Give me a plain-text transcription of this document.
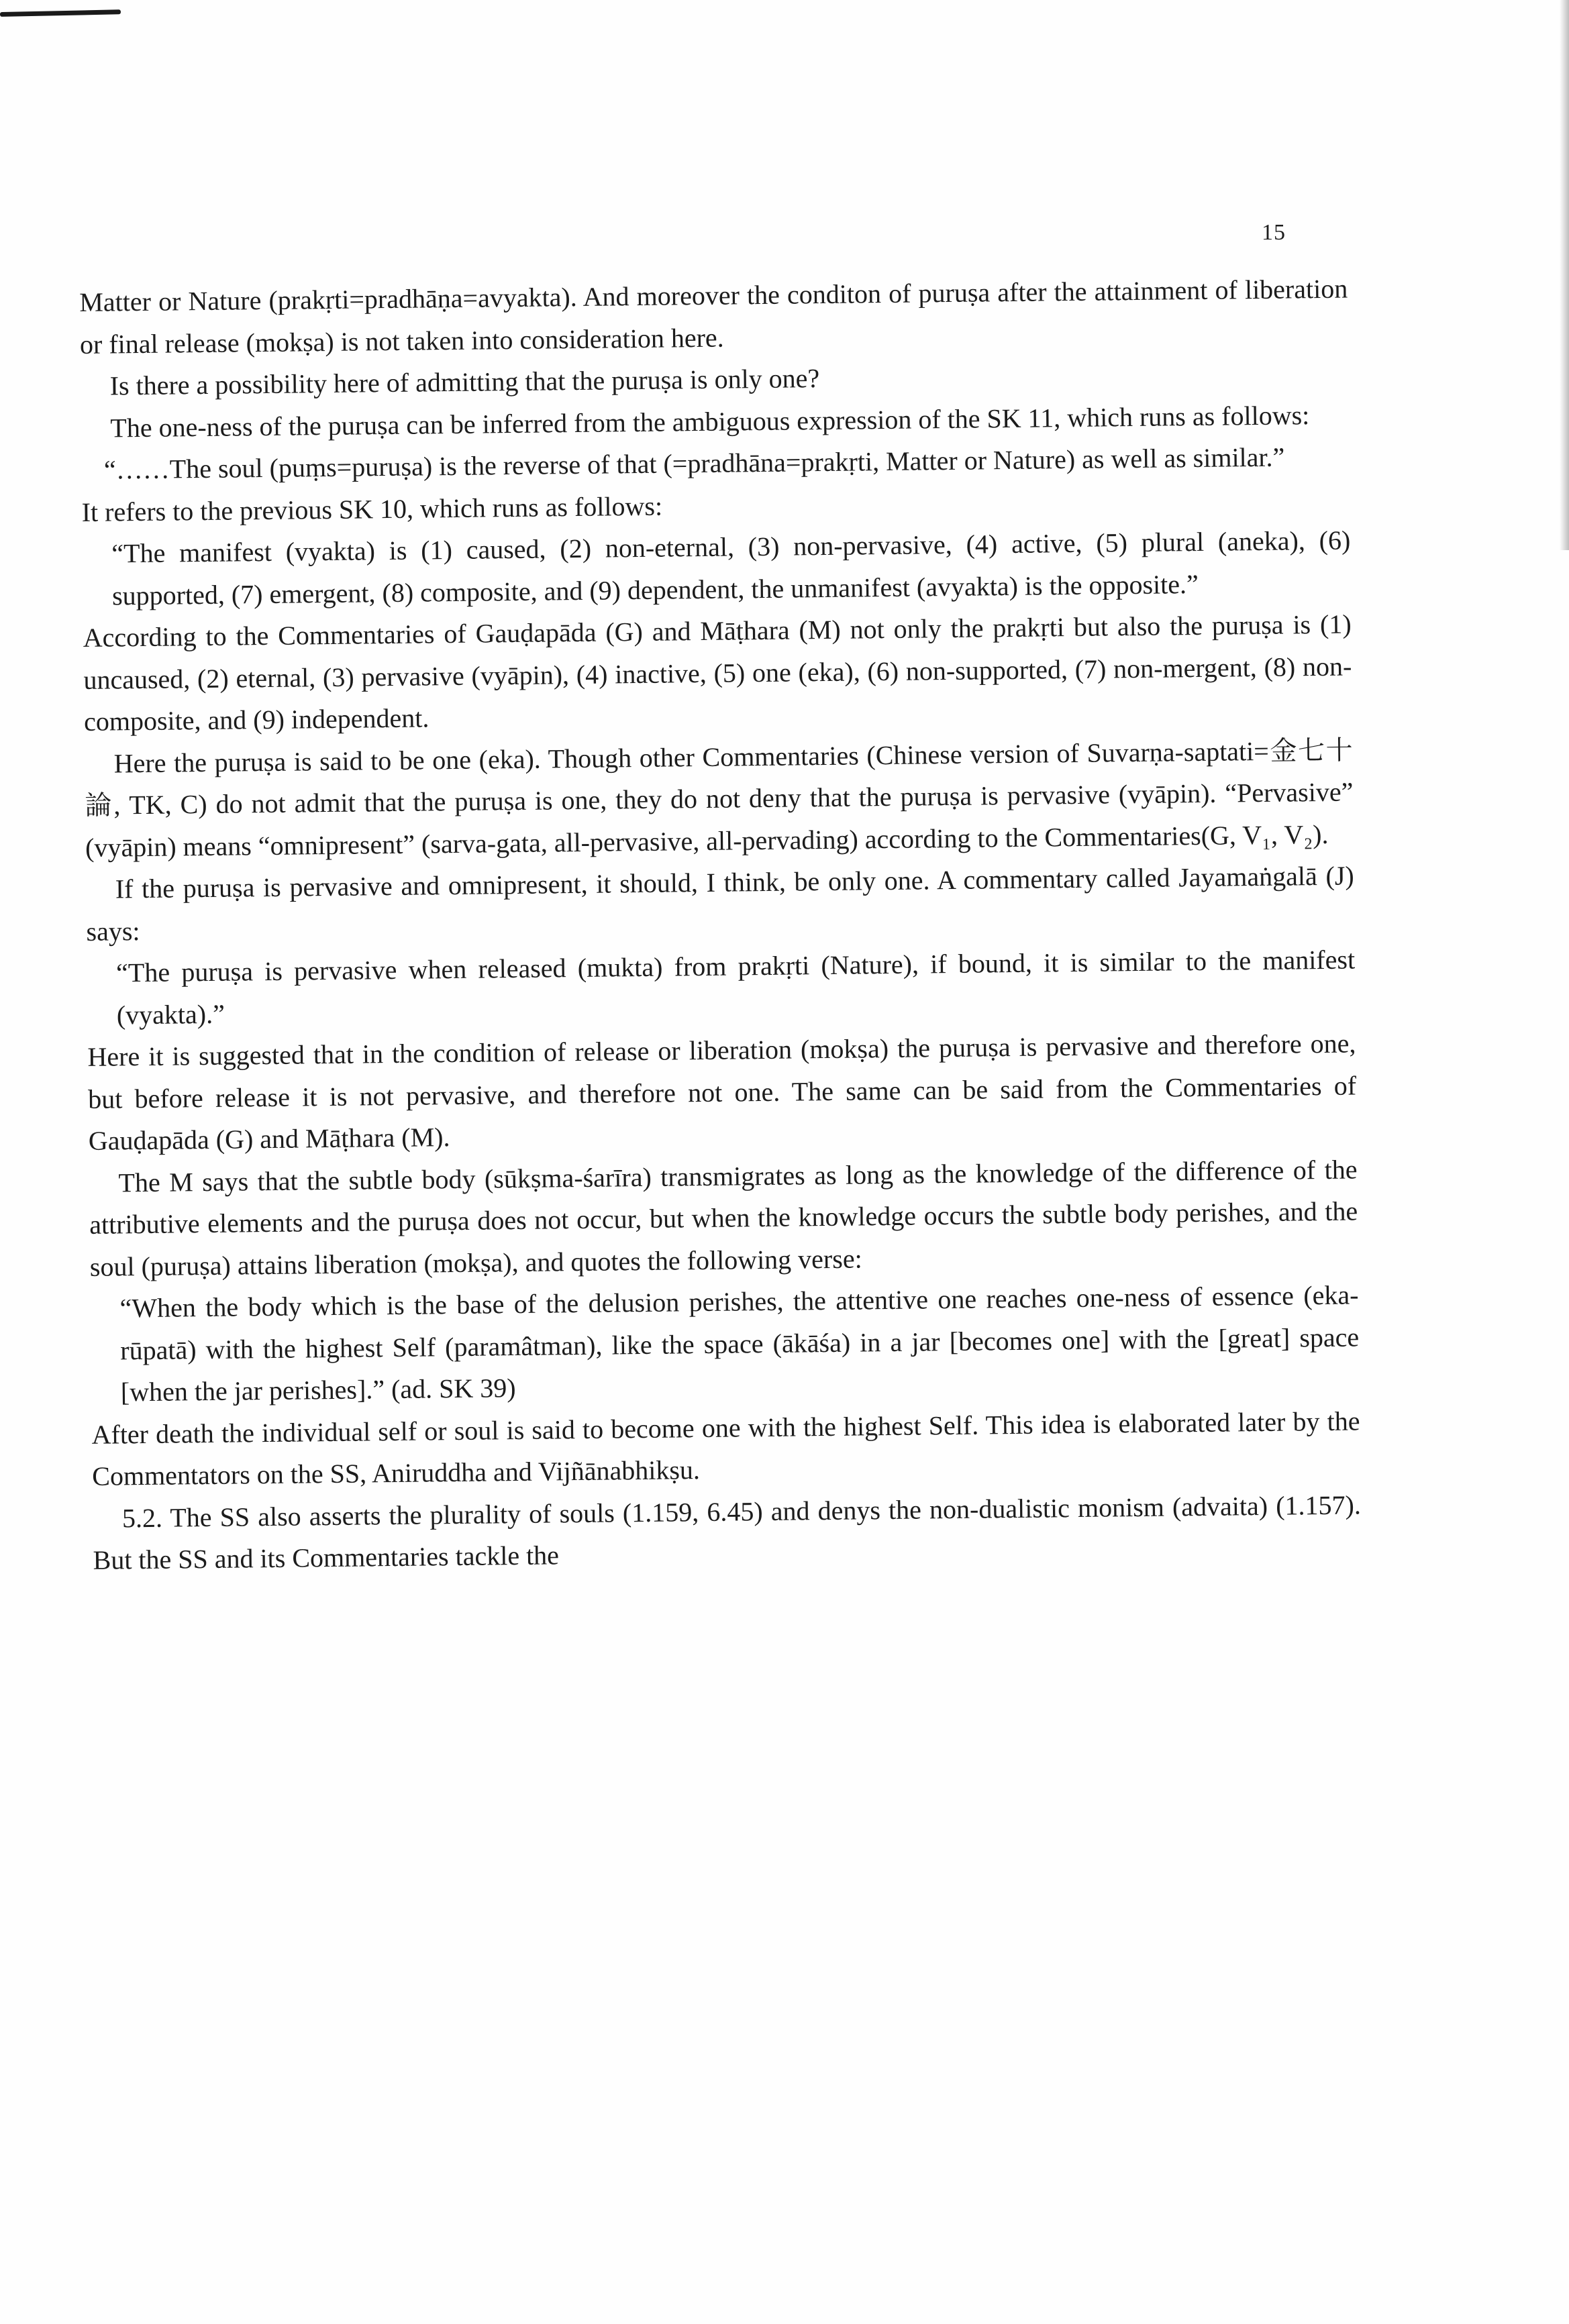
15

Matter or Nature (prakṛti=pradhāṇa=avyakta). And moreover the conditon of puruṣa after the attainment of liberation or final release (mokṣa) is not taken into consideration here.

Is there a possibility here of admitting that the puruṣa is only one?

The one-ness of the puruṣa can be inferred from the ambiguous expression of the SK 11, which runs as follows:

“……The soul (puṃs=puruṣa) is the reverse of that (=pradhāna=prakṛti, Matter or Nature) as well as similar.”

It refers to the previous SK 10, which runs as follows:

“The manifest (vyakta) is (1) caused, (2) non-eternal, (3) non-pervasive, (4) active, (5) plural (aneka), (6) supported, (7) emergent, (8) composite, and (9) dependent, the unmanifest (avyakta) is the opposite.”

According to the Commentaries of Gauḍapāda (G) and Māṭhara (M) not only the prakṛti but also the puruṣa is (1) uncaused, (2) eternal, (3) pervasive (vyāpin), (4) inactive, (5) one (eka), (6) non-supported, (7) non-mergent, (8) non-composite, and (9) independent.

Here the puruṣa is said to be one (eka). Though other Commentaries (Chinese version of Suvarṇa-saptati=金七十論, TK, C) do not admit that the puruṣa is one, they do not deny that the puruṣa is pervasive (vyāpin). “Pervasive” (vyāpin) means “omnipresent” (sarva-gata, all-pervasive, all-pervading) according to the Commentaries(G, V₁, V₂).

If the puruṣa is pervasive and omnipresent, it should, I think, be only one. A commentary called Jayamaṅgalā (J) says:

“The puruṣa is pervasive when released (mukta) from prakṛti (Nature), if bound, it is similar to the manifest (vyakta).”

Here it is suggested that in the condition of release or liberation (mokṣa) the puruṣa is pervasive and therefore one, but before release it is not pervasive, and therefore not one. The same can be said from the Commentaries of Gauḍapāda (G) and Māṭhara (M).

The M says that the subtle body (sūkṣma-śarīra) transmigrates as long as the knowledge of the difference of the attributive elements and the puruṣa does not occur, but when the knowledge occurs the subtle body perishes, and the soul (puruṣa) attains liberation (mokṣa), and quotes the following verse:

“When the body which is the base of the delusion perishes, the attentive one reaches one-ness of essence (eka-rūpatā) with the highest Self (paramâtman), like the space (ākāśa) in a jar [becomes one] with the [great] space [when the jar perishes].” (ad. SK 39)

After death the individual self or soul is said to become one with the highest Self. This idea is elaborated later by the Commentators on the SS, Aniruddha and Vijñānabhikṣu.

5.2. The SS also asserts the plurality of souls (1.159, 6.45) and denys the non-dualistic monism (advaita) (1.157). But the SS and its Commentaries tackle the
